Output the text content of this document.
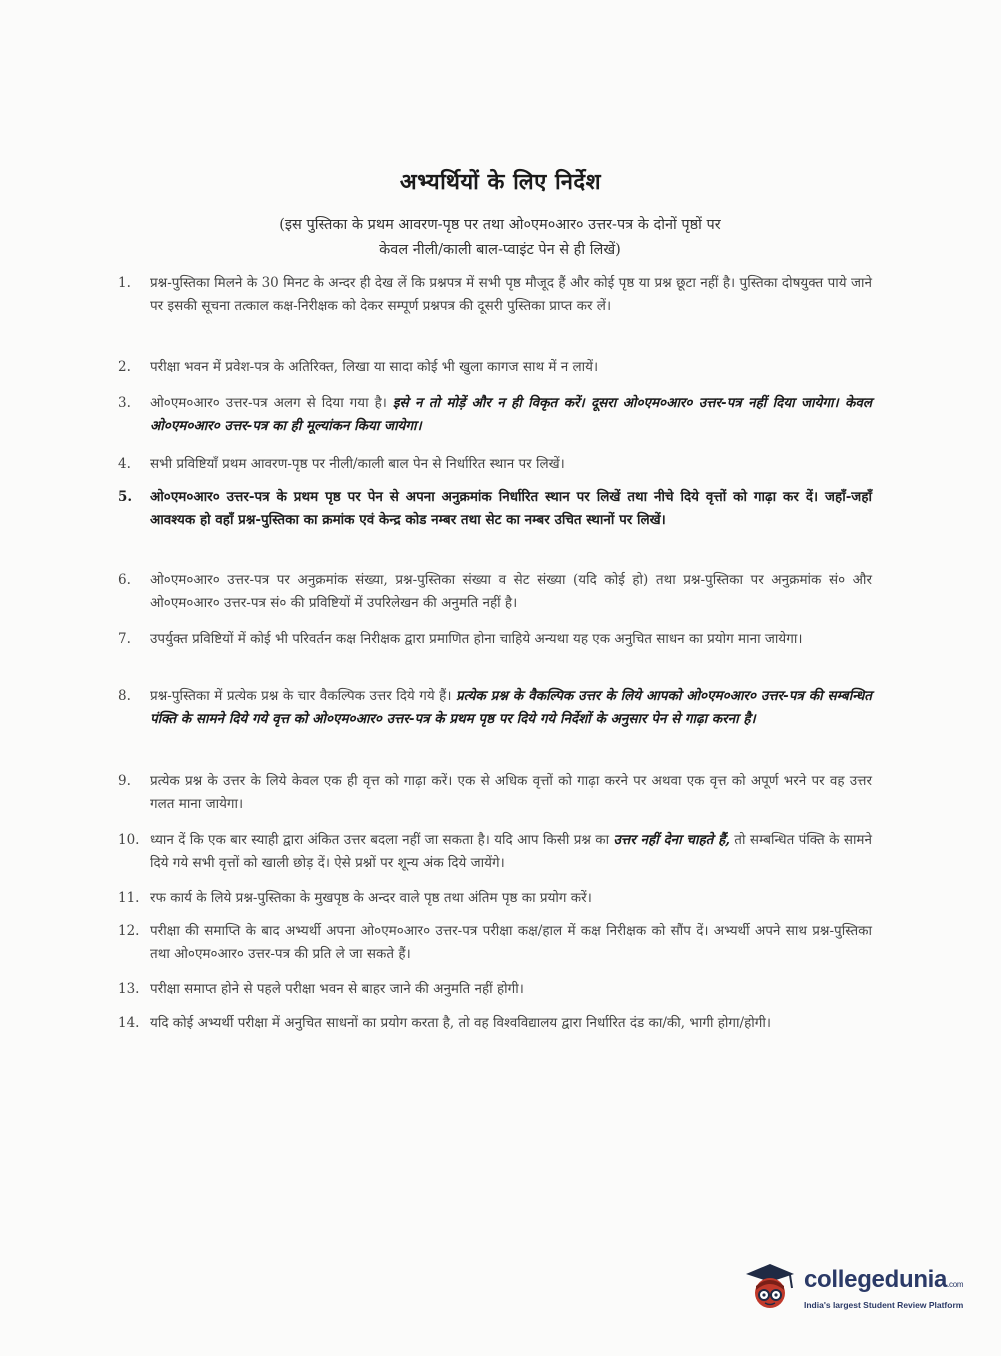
अभ्यर्थियों के लिए निर्देश
(इस पुस्तिका के प्रथम आवरण-पृष्ठ पर तथा ओ०एम०आर० उत्तर-पत्र के दोनों पृष्ठों पर
केवल नीली/काली बाल-प्वाइंट पेन से ही लिखें)
1.	प्रश्न-पुस्तिका मिलने के 30 मिनट के अन्दर ही देख लें कि प्रश्नपत्र में सभी पृष्ठ मौजूद हैं और कोई पृष्ठ या प्रश्न छूटा नहीं है। पुस्तिका दोषयुक्त पाये जाने पर इसकी सूचना तत्काल कक्ष-निरीक्षक को देकर सम्पूर्ण प्रश्नपत्र की दूसरी पुस्तिका प्राप्त कर लें।
2.	परीक्षा भवन में प्रवेश-पत्र के अतिरिक्त, लिखा या सादा कोई भी खुला कागज साथ में न लायें।
3.	ओ०एम०आर० उत्तर-पत्र अलग से दिया गया है। इसे न तो मोड़ें और न ही विकृत करें। दूसरा ओ०एम०आर० उत्तर-पत्र नहीं दिया जायेगा। केवल ओ०एम०आर० उत्तर-पत्र का ही मूल्यांकन किया जायेगा।
4.	सभी प्रविष्टियाँ प्रथम आवरण-पृष्ठ पर नीली/काली बाल पेन से निर्धारित स्थान पर लिखें।
5.	ओ०एम०आर० उत्तर-पत्र के प्रथम पृष्ठ पर पेन से अपना अनुक्रमांक निर्धारित स्थान पर लिखें तथा नीचे दिये वृत्तों को गाढ़ा कर दें। जहाँ-जहाँ आवश्यक हो वहाँ प्रश्न-पुस्तिका का क्रमांक एवं केन्द्र कोड नम्बर तथा सेट का नम्बर उचित स्थानों पर लिखें।
6.	ओ०एम०आर० उत्तर-पत्र पर अनुक्रमांक संख्या, प्रश्न-पुस्तिका संख्या व सेट संख्या (यदि कोई हो) तथा प्रश्न-पुस्तिका पर अनुक्रमांक सं० और ओ०एम०आर० उत्तर-पत्र सं० की प्रविष्टियों में उपरिलेखन की अनुमति नहीं है।
7.	उपर्युक्त प्रविष्टियों में कोई भी परिवर्तन कक्ष निरीक्षक द्वारा प्रमाणित होना चाहिये अन्यथा यह एक अनुचित साधन का प्रयोग माना जायेगा।
8.	प्रश्न-पुस्तिका में प्रत्येक प्रश्न के चार वैकल्पिक उत्तर दिये गये हैं। प्रत्येक प्रश्न के वैकल्पिक उत्तर के लिये आपको ओ०एम०आर० उत्तर-पत्र की सम्बन्धित पंक्ति के सामने दिये गये वृत्त को ओ०एम०आर० उत्तर-पत्र के प्रथम पृष्ठ पर दिये गये निर्देशों के अनुसार पेन से गाढ़ा करना है।
9.	प्रत्येक प्रश्न के उत्तर के लिये केवल एक ही वृत्त को गाढ़ा करें। एक से अधिक वृत्तों को गाढ़ा करने पर अथवा एक वृत्त को अपूर्ण भरने पर वह उत्तर गलत माना जायेगा।
10. ध्यान दें कि एक बार स्याही द्वारा अंकित उत्तर बदला नहीं जा सकता है। यदि आप किसी प्रश्न का उत्तर नहीं देना चाहते हैं, तो सम्बन्धित पंक्ति के सामने दिये गये सभी वृत्तों को खाली छोड़ दें। ऐसे प्रश्नों पर शून्य अंक दिये जायेंगे।
11. रफ कार्य के लिये प्रश्न-पुस्तिका के मुखपृष्ठ के अन्दर वाले पृष्ठ तथा अंतिम पृष्ठ का प्रयोग करें।
12. परीक्षा की समाप्ति के बाद अभ्यर्थी अपना ओ०एम०आर० उत्तर-पत्र परीक्षा कक्ष/हाल में कक्ष निरीक्षक को सौंप दें। अभ्यर्थी अपने साथ प्रश्न-पुस्तिका तथा ओ०एम०आर० उत्तर-पत्र की प्रति ले जा सकते हैं।
13. परीक्षा समाप्त होने से पहले परीक्षा भवन से बाहर जाने की अनुमति नहीं होगी।
14. यदि कोई अभ्यर्थी परीक्षा में अनुचित साधनों का प्रयोग करता है, तो वह विश्वविद्यालय द्वारा निर्धारित दंड का/की, भागी होगा/होगी।
collegedunia.com
India's largest Student Review Platform
